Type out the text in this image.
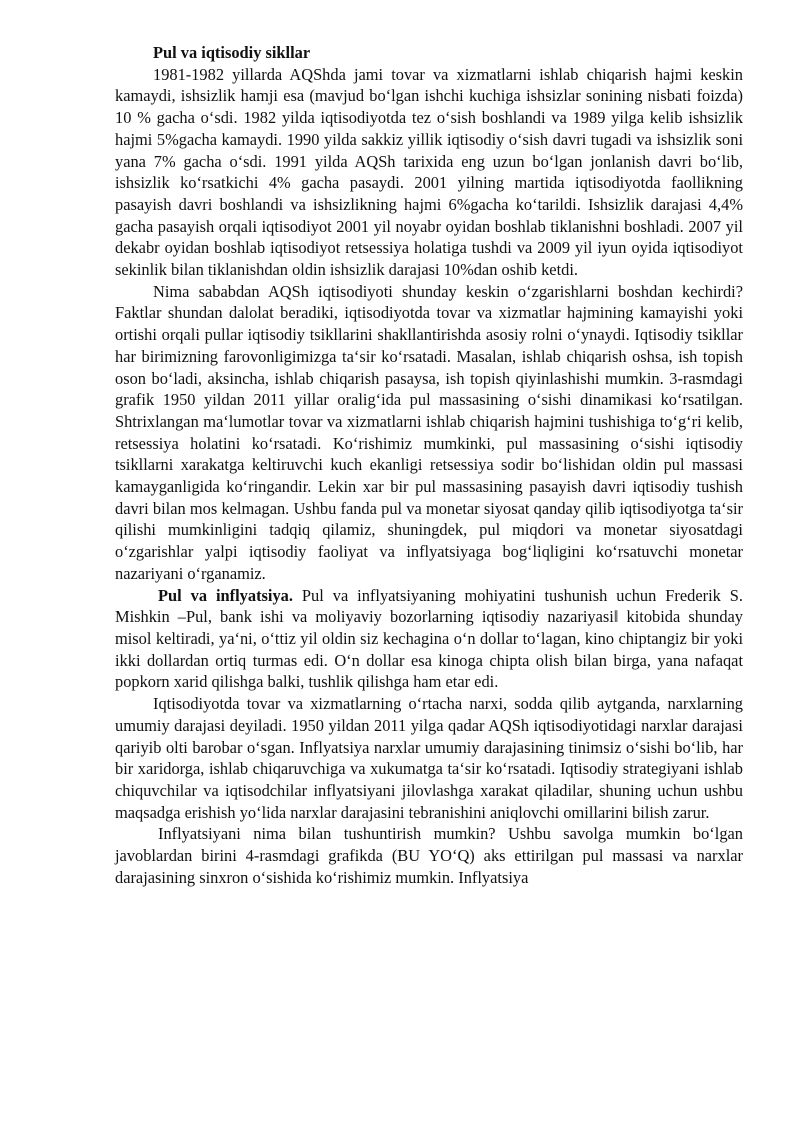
Pul va iqtisodiy sikllar

1981-1982 yillarda AQShda jami tovar va xizmatlarni ishlab chiqarish hajmi keskin kamaydi, ishsizlik hamji esa (mavjud bo‘lgan ishchi kuchiga ishsizlar sonining nisbati foizda) 10 % gacha o‘sdi. 1982 yilda iqtisodiyotda tez o‘sish boshlandi va 1989 yilga kelib ishsizlik hajmi 5%gacha kamaydi. 1990 yilda sakkiz yillik iqtisodiy o‘sish davri tugadi va ishsizlik soni yana 7% gacha o‘sdi. 1991 yilda AQSh tarixida eng uzun bo‘lgan jonlanish davri bo‘lib, ishsizlik ko‘rsatkichi 4% gacha pasaydi. 2001 yilning martida iqtisodiyotda faollikning pasayish davri boshlandi va ishsizlikning hajmi 6%gacha ko‘tarildi. Ishsizlik darajasi 4,4% gacha pasayish orqali iqtisodiyot 2001 yil noyabr oyidan boshlab tiklanishni boshladi. 2007 yil dekabr oyidan boshlab iqtisodiyot retsessiya holatiga tushdi va 2009 yil iyun oyida iqtisodiyot sekinlik bilan tiklanishdan oldin ishsizlik darajasi 10%dan oshib ketdi.

Nima sababdan AQSh iqtisodiyoti shunday keskin o‘zgarishlarni boshdan kechirdi? Faktlar shundan dalolat beradiki, iqtisodiyotda tovar va xizmatlar hajmining kamayishi yoki ortishi orqali pullar iqtisodiy tsikllarini shakllantirishda asosiy rolni o‘ynaydi. Iqtisodiy tsikllar har birimizning farovonligimizga ta‘sir ko‘rsatadi. Masalan, ishlab chiqarish oshsa, ish topish oson bo‘ladi, aksincha, ishlab chiqarish pasaysa, ish topish qiyinlashishi mumkin. 3-rasmdagi grafik 1950 yildan 2011 yillar oralig‘ida pul massasining o‘sishi dinamikasi ko‘rsatilgan. Shtrixlangan ma‘lumotlar tovar va xizmatlarni ishlab chiqarish hajmini tushishiga to‘g‘ri kelib, retsessiya holatini ko‘rsatadi. Ko‘rishimiz mumkinki, pul massasining o‘sishi iqtisodiy tsikllarni xarakatga keltiruvchi kuch ekanligi retsessiya sodir bo‘lishidan oldin pul massasi kamayganligida ko‘ringandir. Lekin xar bir pul massasining pasayish davri iqtisodiy tushish davri bilan mos kelmagan. Ushbu fanda pul va monetar siyosat qanday qilib iqtisodiyotga ta‘sir qilishi mumkinligini tadqiq qilamiz, shuningdek, pul miqdori va monetar siyosatdagi o‘zgarishlar yalpi iqtisodiy faoliyat va inflyatsiyaga bog‘liqligini ko‘rsatuvchi monetar nazariyani o‘rganamiz.

Pul va inflyatsiya. Pul va inflyatsiyaning mohiyatini tushunish uchun Frederik S. Mishkin –Pul, bank ishi va moliyaviy bozorlarning iqtisodiy nazariyasi‖ kitobida shunday misol keltiradi, ya‘ni, o‘ttiz yil oldin siz kechagina o‘n dollar to‘lagan, kino chiptangiz bir yoki ikki dollardan ortiq turmas edi. O‘n dollar esa kinoga chipta olish bilan birga, yana nafaqat popkorn xarid qilishga balki, tushlik qilishga ham etar edi.

Iqtisodiyotda tovar va xizmatlarning o‘rtacha narxi, sodda qilib aytganda, narxlarning umumiy darajasi deyiladi. 1950 yildan 2011 yilga qadar AQSh iqtisodiyotidagi narxlar darajasi qariyib olti barobar o‘sgan. Inflyatsiya narxlar umumiy darajasining tinimsiz o‘sishi bo‘lib, har bir xaridorga, ishlab chiqaruvchiga va xukumatga ta‘sir ko‘rsatadi. Iqtisodiy strategiyani ishlab chiquvchilar va iqtisodchilar inflyatsiyani jilovlashga xarakat qiladilar, shuning uchun ushbu maqsadga erishish yo‘lida narxlar darajasini tebranishini aniqlovchi omillarini bilish zarur.

Inflyatsiyani nima bilan tushuntirish mumkin? Ushbu savolga mumkin bo‘lgan javoblardan birini 4-rasmdagi grafikda (BU YO‘Q) aks ettirilgan pul massasi va narxlar darajasining sinxron o‘sishida ko‘rishimiz mumkin. Inflyatsiya
